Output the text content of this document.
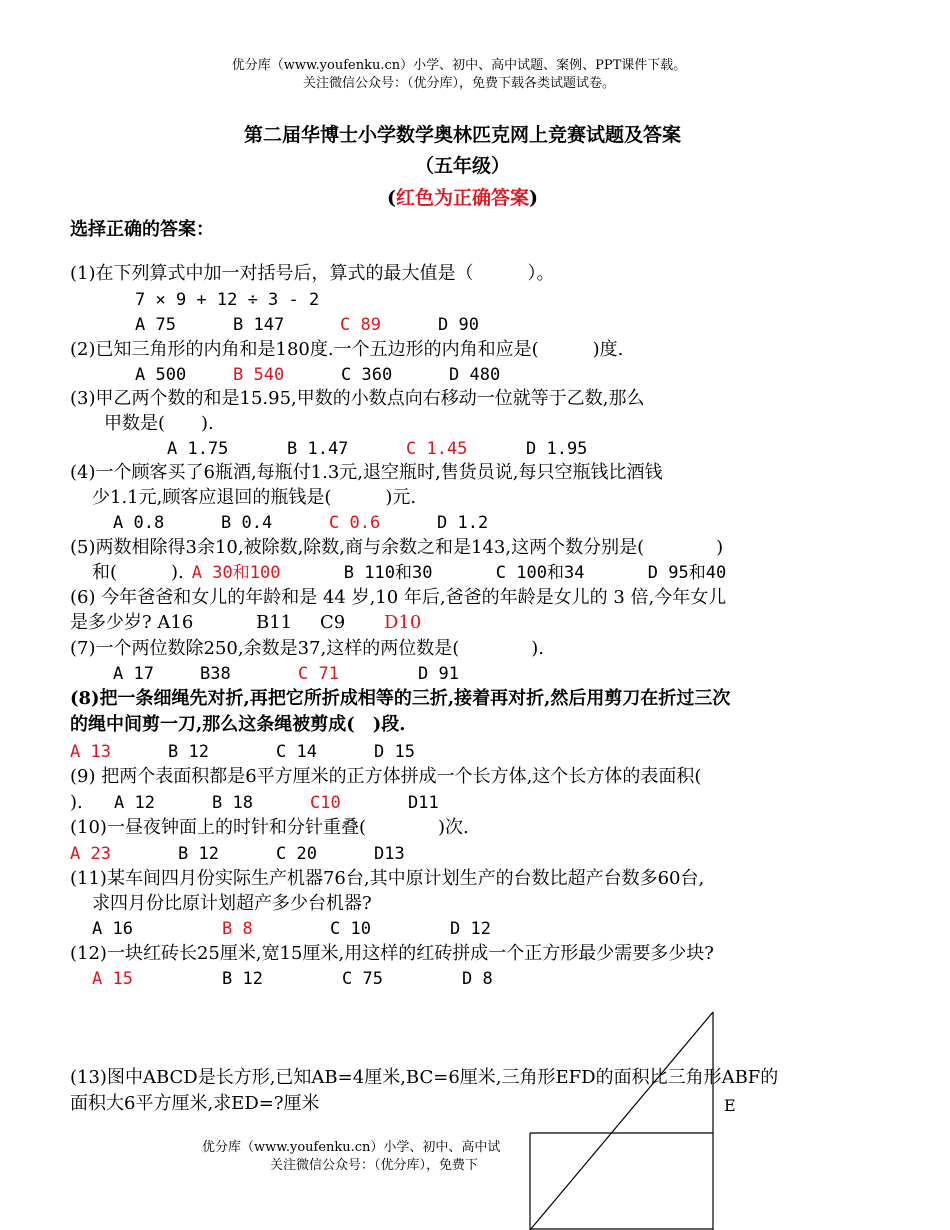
优分库（www.youfenku.cn）小学、初中、高中试题、案例、PPT课件下载。
关注微信公众号：（优分库），免费下载各类试题试卷。
第二届华博士小学数学奥林匹克网上竞赛试题及答案
（五年级）
(红色为正确答案)
选择正确的答案：
(1)在下列算式中加一对括号后，算式的最大值是（　　　）。
7 × 9 + 12 ÷ 3 - 2
A 75	B 147	C 89	D 90
(2)已知三角形的内角和是180度.一个五边形的内角和应是(　　　)度.
A 500	B 540	C 360	D 480
(3)甲乙两个数的和是15.95,甲数的小数点向右移动一位就等于乙数,那么
甲数是(　　).
A 1.75	B 1.47	C 1.45	D 1.95
(4)一个顾客买了6瓶酒,每瓶付1.3元,退空瓶时,售货员说,每只空瓶钱比酒钱
少1.1元,顾客应退回的瓶钱是(　　　)元.
A 0.8	B 0.4	C 0.6	D 1.2
(5)两数相除得3余10,被除数,除数,商与余数之和是143,这两个数分别是(　　　　)
和(　　　). A 30和100	B 110和30	C 100和34	D 95和40
(6) 今年爸爸和女儿的年龄和是 44 岁,10 年后,爸爸的年龄是女儿的 3 倍,今年女儿
是多少岁? A16	B11 C9 D10
(7)一个两位数除250,余数是37,这样的两位数是(　　　　).
A 17	B38	C 71	D 91
(8)把一条细绳先对折,再把它所折成相等的三折,接着再对折,然后用剪刀在折过三次
的绳中间剪一刀,那么这条绳被剪成(　)段.
A 13	B 12	C 14	D 15
(9) 把两个表面积都是6平方厘米的正方体拼成一个长方体,这个长方体的表面积(
). A 12	B 18	C10	D11
(10)一昼夜钟面上的时针和分针重叠(　　　　)次.
A 23	B 12	C 20	D13
(11)某车间四月份实际生产机器76台,其中原计划生产的台数比超产台数多60台,
求四月份比原计划超产多少台机器?
A 16	B 8	C 10	D 12
(12)一块红砖长25厘米,宽15厘米,用这样的红砖拼成一个正方形最少需要多少块?
A 15	B 12	C 75	D 8
(13)图中ABCD是长方形,已知AB=4厘米,BC=6厘米,三角形EFD的面积比三角形ABF的
面积大6平方厘米,求ED=?厘米
优分库（www.youfenku.cn）小学、初中、高中试
关注微信公众号：（优分库），免费下
E
